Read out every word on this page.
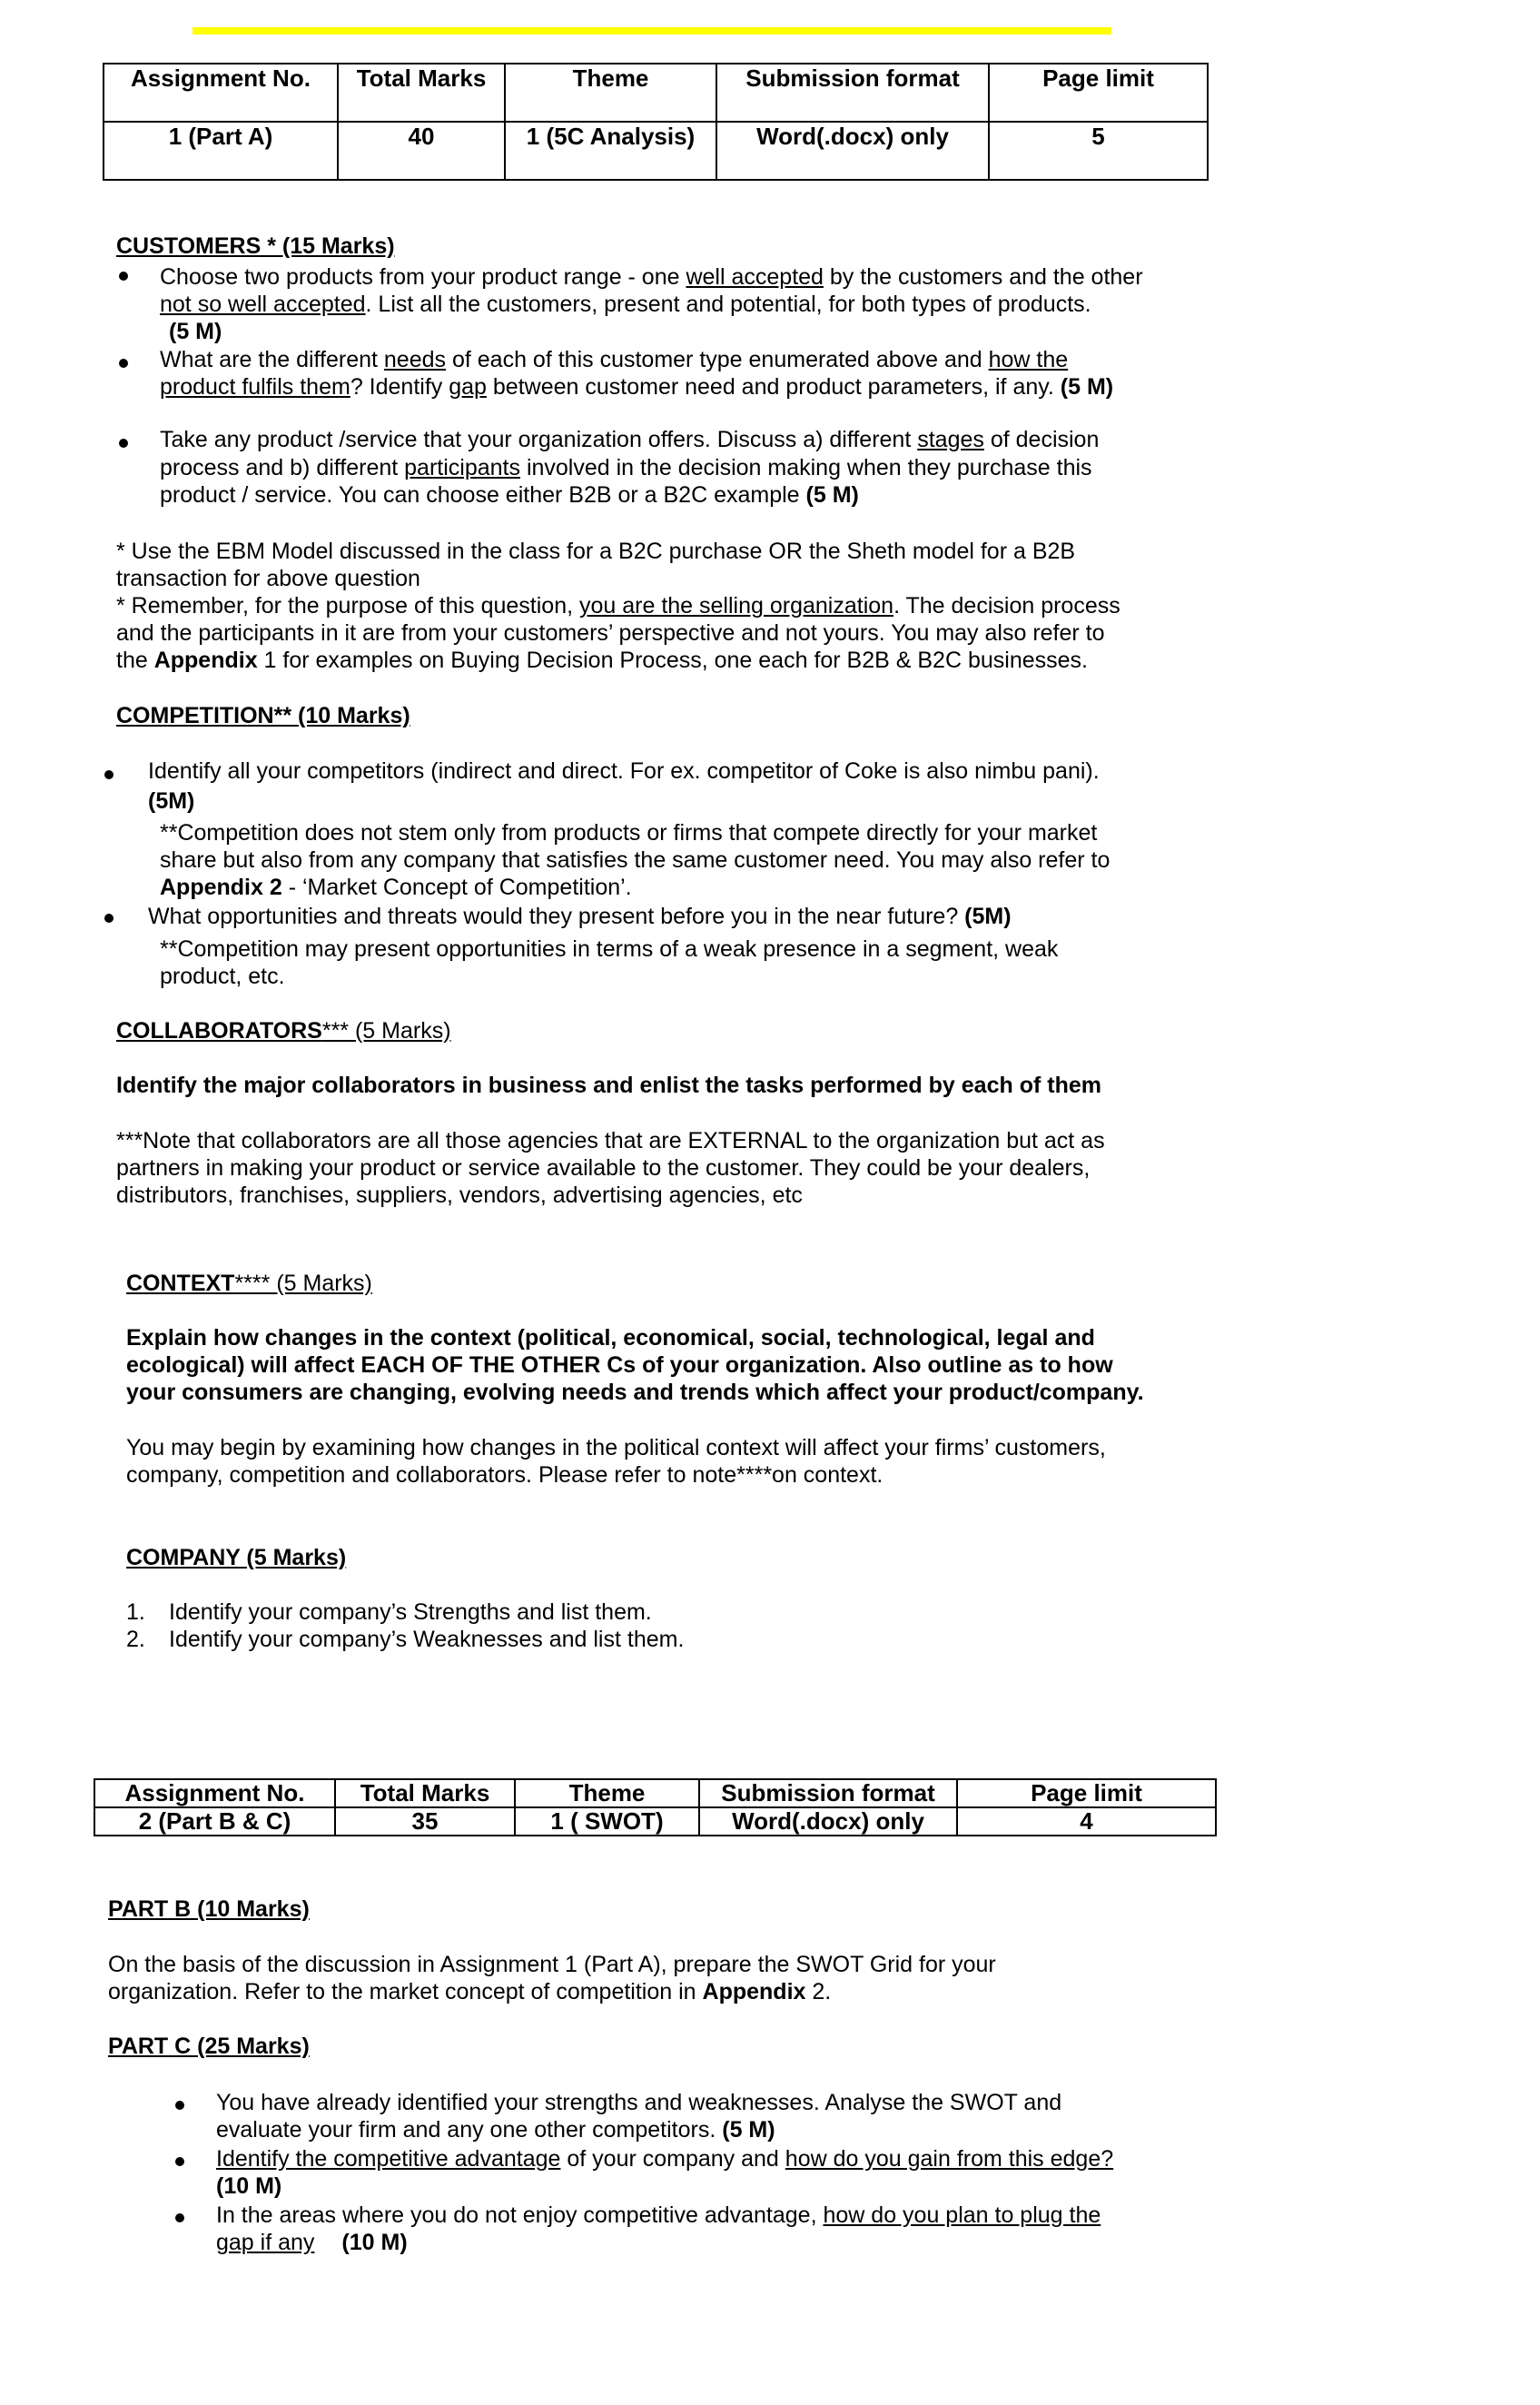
Assignment No.	Total Marks	Theme	Submission format	Page limit
1 (Part A)	40	1 (5C Analysis)	Word(.docx) only	5
CUSTOMERS * (15 Marks)
Choose two products from your product range - one well accepted by the customers and the other
not so well accepted. List all the customers, present and potential, for both types of products.
(5 M)
What are the different needs of each of this customer type enumerated above and how the
product fulfils them? Identify gap between customer need and product parameters, if any. (5 M)
Take any product /service that your organization offers. Discuss a) different stages of decision
process and b) different participants involved in the decision making when they purchase this
product / service. You can choose either B2B or a B2C example (5 M)
* Use the EBM Model discussed in the class for a B2C purchase OR the Sheth model for a B2B
transaction for above question
* Remember, for the purpose of this question, you are the selling organization. The decision process
and the participants in it are from your customers’ perspective and not yours. You may also refer to
the Appendix 1 for examples on Buying Decision Process, one each for B2B & B2C businesses.
COMPETITION** (10 Marks)
Identify all your competitors (indirect and direct. For ex. competitor of Coke is also nimbu pani).
(5M)
**Competition does not stem only from products or firms that compete directly for your market
share but also from any company that satisfies the same customer need. You may also refer to
Appendix 2 - ‘Market Concept of Competition’.
What opportunities and threats would they present before you in the near future? (5M)
**Competition may present opportunities in terms of a weak presence in a segment, weak
product, etc.
COLLABORATORS*** (5 Marks)
Identify the major collaborators in business and enlist the tasks performed by each of them
***Note that collaborators are all those agencies that are EXTERNAL to the organization but act as
partners in making your product or service available to the customer. They could be your dealers,
distributors, franchises, suppliers, vendors, advertising agencies, etc
CONTEXT**** (5 Marks)
Explain how changes in the context (political, economical, social, technological, legal and
ecological) will affect EACH OF THE OTHER Cs of your organization. Also outline as to how
your consumers are changing, evolving needs and trends which affect your product/company.
You may begin by examining how changes in the political context will affect your firms’ customers,
company, competition and collaborators. Please refer to note****on context.
COMPANY (5 Marks)
1. Identify your company’s Strengths and list them.
2. Identify your company’s Weaknesses and list them.
Assignment No.	Total Marks	Theme	Submission format	Page limit
2 (Part B & C)	35	1 ( SWOT)	Word(.docx) only	4
PART B (10 Marks)
On the basis of the discussion in Assignment 1 (Part A), prepare the SWOT Grid for your
organization. Refer to the market concept of competition in Appendix 2.
PART C (25 Marks)
You have already identified your strengths and weaknesses. Analyse the SWOT and
evaluate your firm and any one other competitors. (5 M)
Identify the competitive advantage of your company and how do you gain from this edge?
(10 M)
In the areas where you do not enjoy competitive advantage, how do you plan to plug the
gap if any (10 M)
